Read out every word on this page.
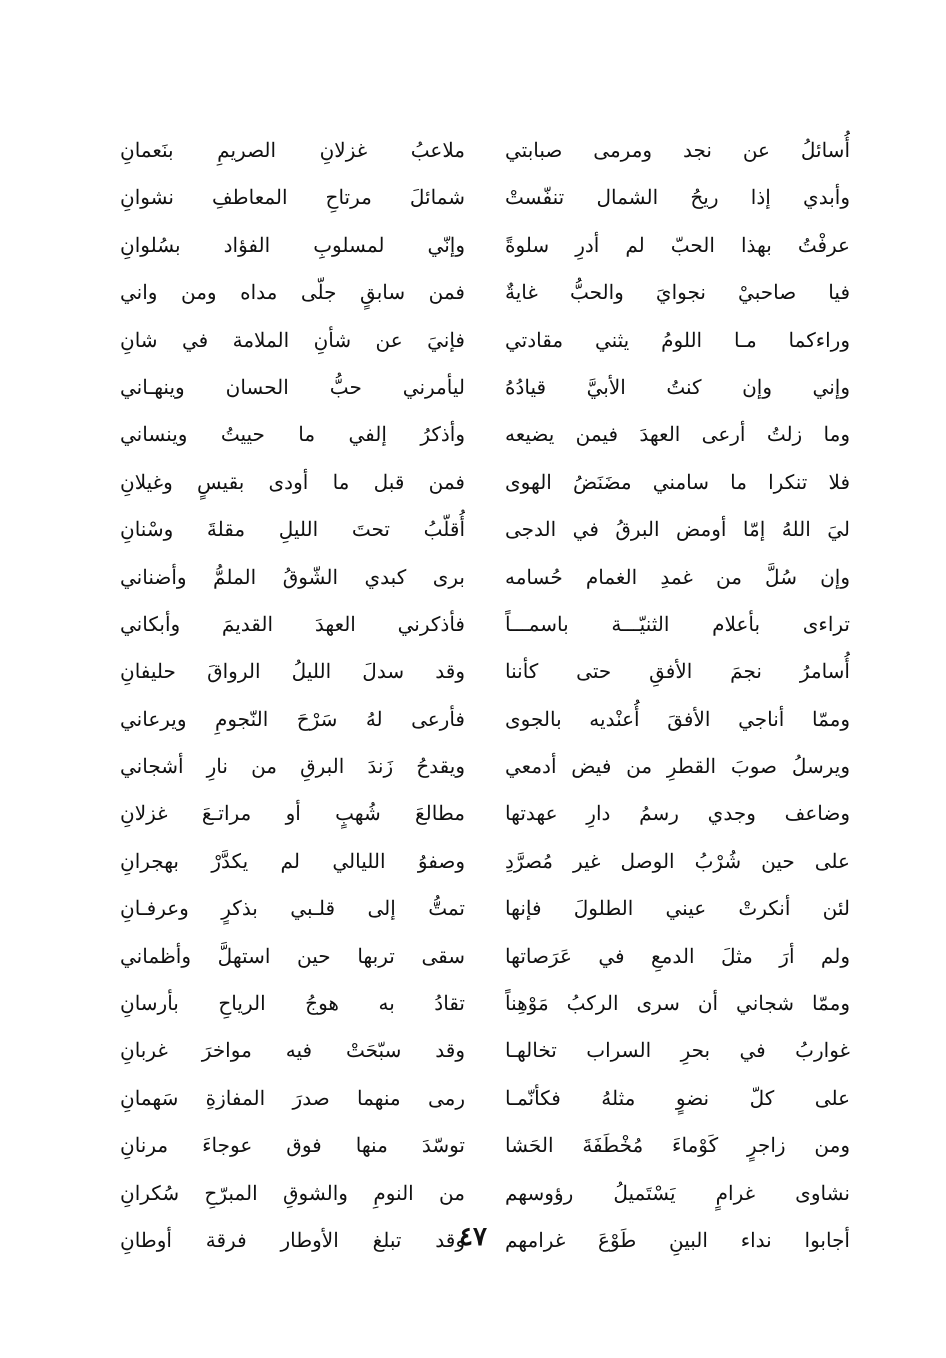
أُسائلُ عن نجد ومرمى صبابتي
وأبدي إذا ريحُ الشمال تنفّستْ
عرفْتُ بهذا الحبّ لم أدرِ سلوةً
فيا صاحبيْ نجوايَ والحبُّ غايةٌ
وراءكما مـا اللومُ يثني مقادتي
وإني وإن كنتُ الأبيَّ قيادُهُ
وما زلتُ أرعى العهدَ فيمن يضيعه
فلا تنكرا ما سامني مضَنَضُ الهوى
ليَ اللهُ إمّا أومض البرقُ في الدجى
وإن سُلَّ من غمدِ الغمام حُسامه
تراءى بأعلام الثنيّـــة باسمـــاً
أُسامرُ نجمَ الأفقِ حتى كأننا
وممّا أناجي الأفقَ أُعنْديه بالجوى
ويرسلُ صوبَ القطرِ من فيض أدمعي
وضاعف وجدي رسمُ دارِ عهدتها
على حين شُرْبُ الوصل غير مُصرَّدِ
لئن أنكرتْ عيني الطلولَ فإنها
ولم أرَ مثلَ الدمعِ في عَرَصاتها
وممّا شجاني أن سرى الركبُ مَوْهِناً
غواربُ في بحرِ السراب تخالهـا
على كلّ نضوٍ مثلهُ فكأنّمـا
ومن زاجرٍ كَوْماءَ مُخْطَفَةَ الحَشا
نشاوى غرامٍ يَسْتَميلُ رؤوسهم
أجابوا نداء البينِ طَوْعَ غرامهم
ملاعبُ غزلانِ الصريمِ بنَعمانِ
شمائلَ مرتاحِ المعاطفِ نشوانِ
وإنّي لمسلوبِ الفؤاد بسُلوانِ
فمن سابقٍ جلّى مداه ومن واني
فإنيَ عن شأنِ الملامة في شانِ
ليأمرني حبُّ الحسان وينهـاني
وأذكرُ إلفي ما حييتُ وينساني
فمن قبل ما أودى بقيسٍ وغيلانِ
أُقلّبُ تحتَ الليلِ مقلةَ وسْنانِ
برى كبدي الشّوقُ الملمُّ وأضناني
فأذكرني العهدَ القديمَ وأبكاني
وقد سدلَ الليلُ الرواقَ حليفانِ
فأرعى لهُ سَرْحَ النّجومِ ويرعاني
ويقدحُ زَندَ البرقِ من نارِ أشجاني
مطالعَ شُهبٍ أو مراتـعَ غزلانِ
وصفوُ الليالي لم يكدَّرْ بهجرانِ
تمتُّ إلى قلـبي بذكرٍ وعرفـانِ
سقى تربها حين استهلَّ وأظماني
تقادُ به هوجُ الرياحِ بأرسانِ
وقد سبّحَتْ فيه مواخرَ غربانِ
رمى منهما صدرَ المفازةِ سَهمانِ
توسّدَ منها فوق عوجاءَ مرنانِ
من النومِ والشوقِ المبرّحِ سُكرانِ
وقد تبلغ الأوطار فرقة أوطانِ
٤٧
